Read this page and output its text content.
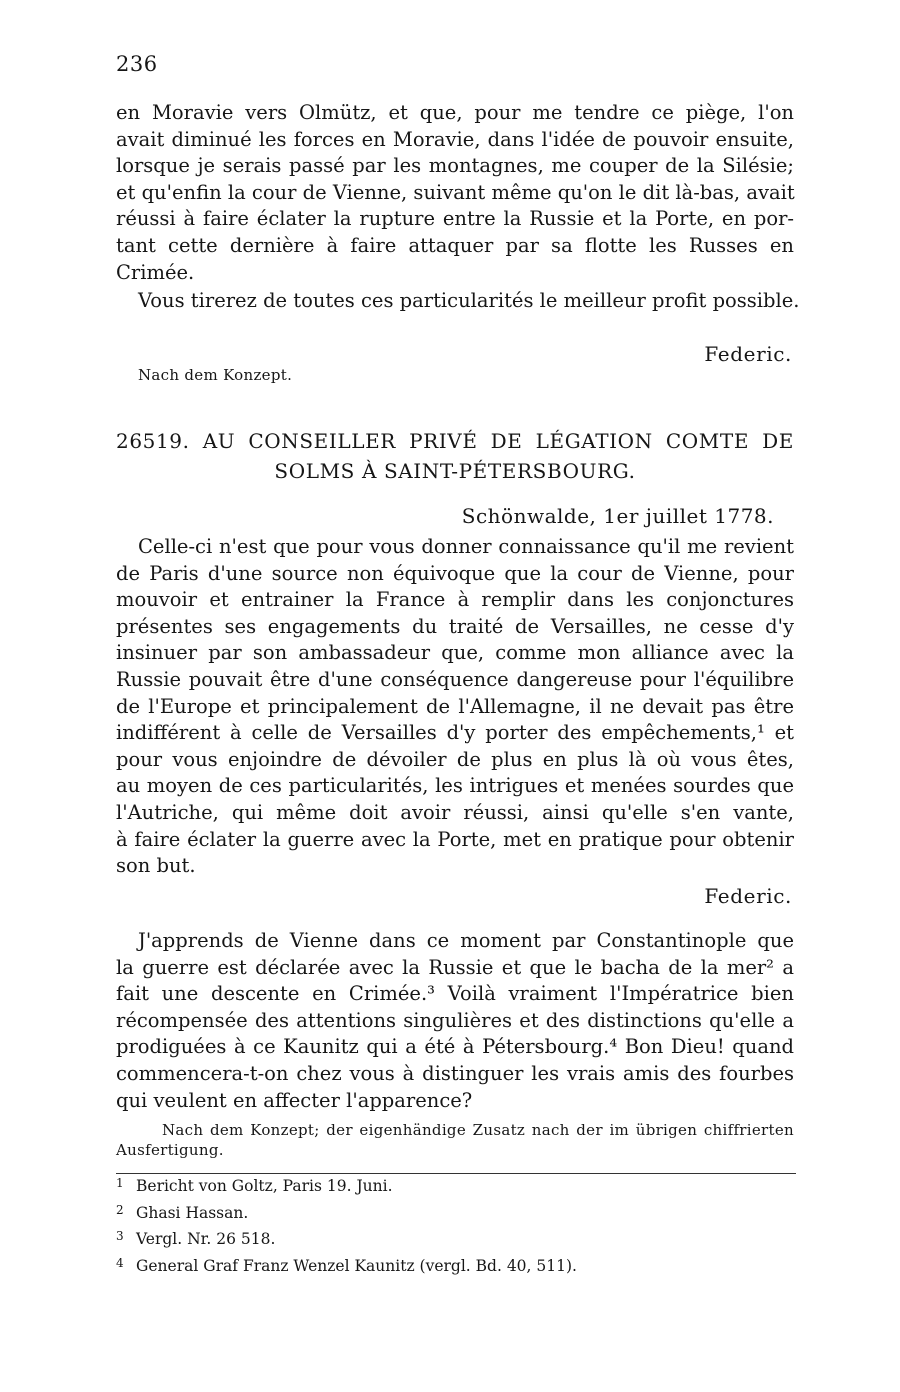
236
en Moravie vers Olmütz, et que, pour me tendre ce piège, l'on
avait diminué les forces en Moravie, dans l'idée de pouvoir ensuite,
lorsque je serais passé par les montagnes, me couper de la Silésie;
et qu'enfin la cour de Vienne, suivant même qu'on le dit là-bas, avait
réussi à faire éclater la rupture entre la Russie et la Porte, en por-
tant cette dernière à faire attaquer par sa flotte les Russes en
Crimée.
Vous tirerez de toutes ces particularités le meilleur profit possible.
Federic.
Nach dem Konzept.
26519. AU CONSEILLER PRIVÉ DE LÉGATION COMTE DE
SOLMS À SAINT-PÉTERSBOURG.
Schönwalde, 1er juillet 1778.
Celle-ci n'est que pour vous donner connaissance qu'il me revient
de Paris d'une source non équivoque que la cour de Vienne, pour
mouvoir et entrainer la France à remplir dans les conjonctures
présentes ses engagements du traité de Versailles, ne cesse d'y
insinuer par son ambassadeur que, comme mon alliance avec la
Russie pouvait être d'une conséquence dangereuse pour l'équilibre
de l'Europe et principalement de l'Allemagne, il ne devait pas être
indifférent à celle de Versailles d'y porter des empêchements,¹ et
pour vous enjoindre de dévoiler de plus en plus là où vous êtes,
au moyen de ces particularités, les intrigues et menées sourdes que
l'Autriche, qui même doit avoir réussi, ainsi qu'elle s'en vante,
à faire éclater la guerre avec la Porte, met en pratique pour obtenir
son but.
Federic.
J'apprends de Vienne dans ce moment par Constantinople que
la guerre est déclarée avec la Russie et que le bacha de la mer² a
fait une descente en Crimée.³ Voilà vraiment l'Impératrice bien
récompensée des attentions singulières et des distinctions qu'elle a
prodiguées à ce Kaunitz qui a été à Pétersbourg.⁴ Bon Dieu! quand
commencera-t-on chez vous à distinguer les vrais amis des fourbes
qui veulent en affecter l'apparence?
Nach dem Konzept; der eigenhändige Zusatz nach der im übrigen chiffrierten
Ausfertigung.
1 Bericht von Goltz, Paris 19. Juni.
2 Ghasi Hassan.
3 Vergl. Nr. 26 518.
4 General Graf Franz Wenzel Kaunitz (vergl. Bd. 40, 511).
